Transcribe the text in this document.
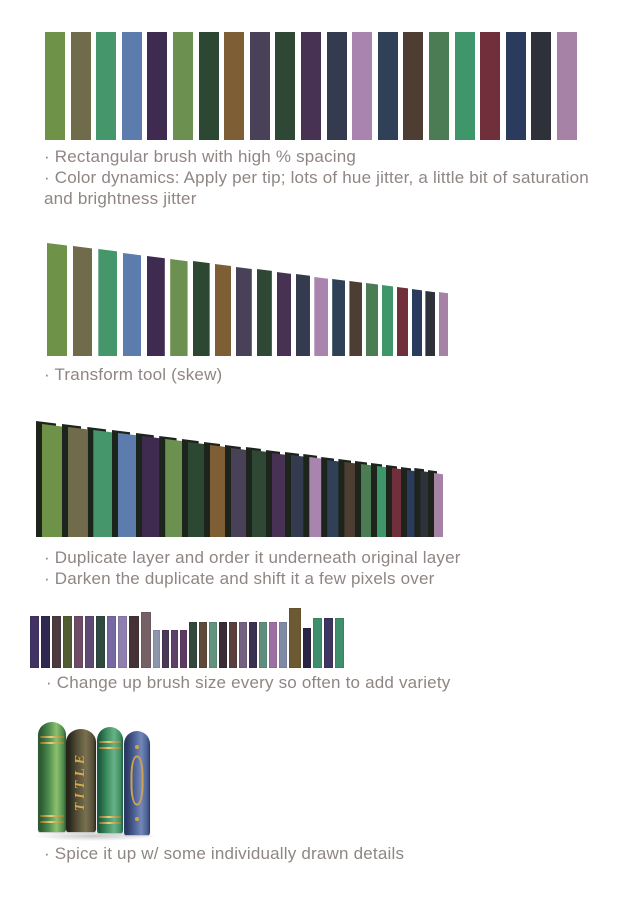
· Rectangular brush with high % spacing

· Color dynamics: Apply per tip; lots of hue jitter, a little bit of saturation and brightness jitter

· Transform tool (skew)

· Duplicate layer and order it underneath original layer

· Darken the duplicate and shift it a few pixels over

· Change up brush size every so often to add variety

TITLE

· Spice it up w/ some individually drawn details
